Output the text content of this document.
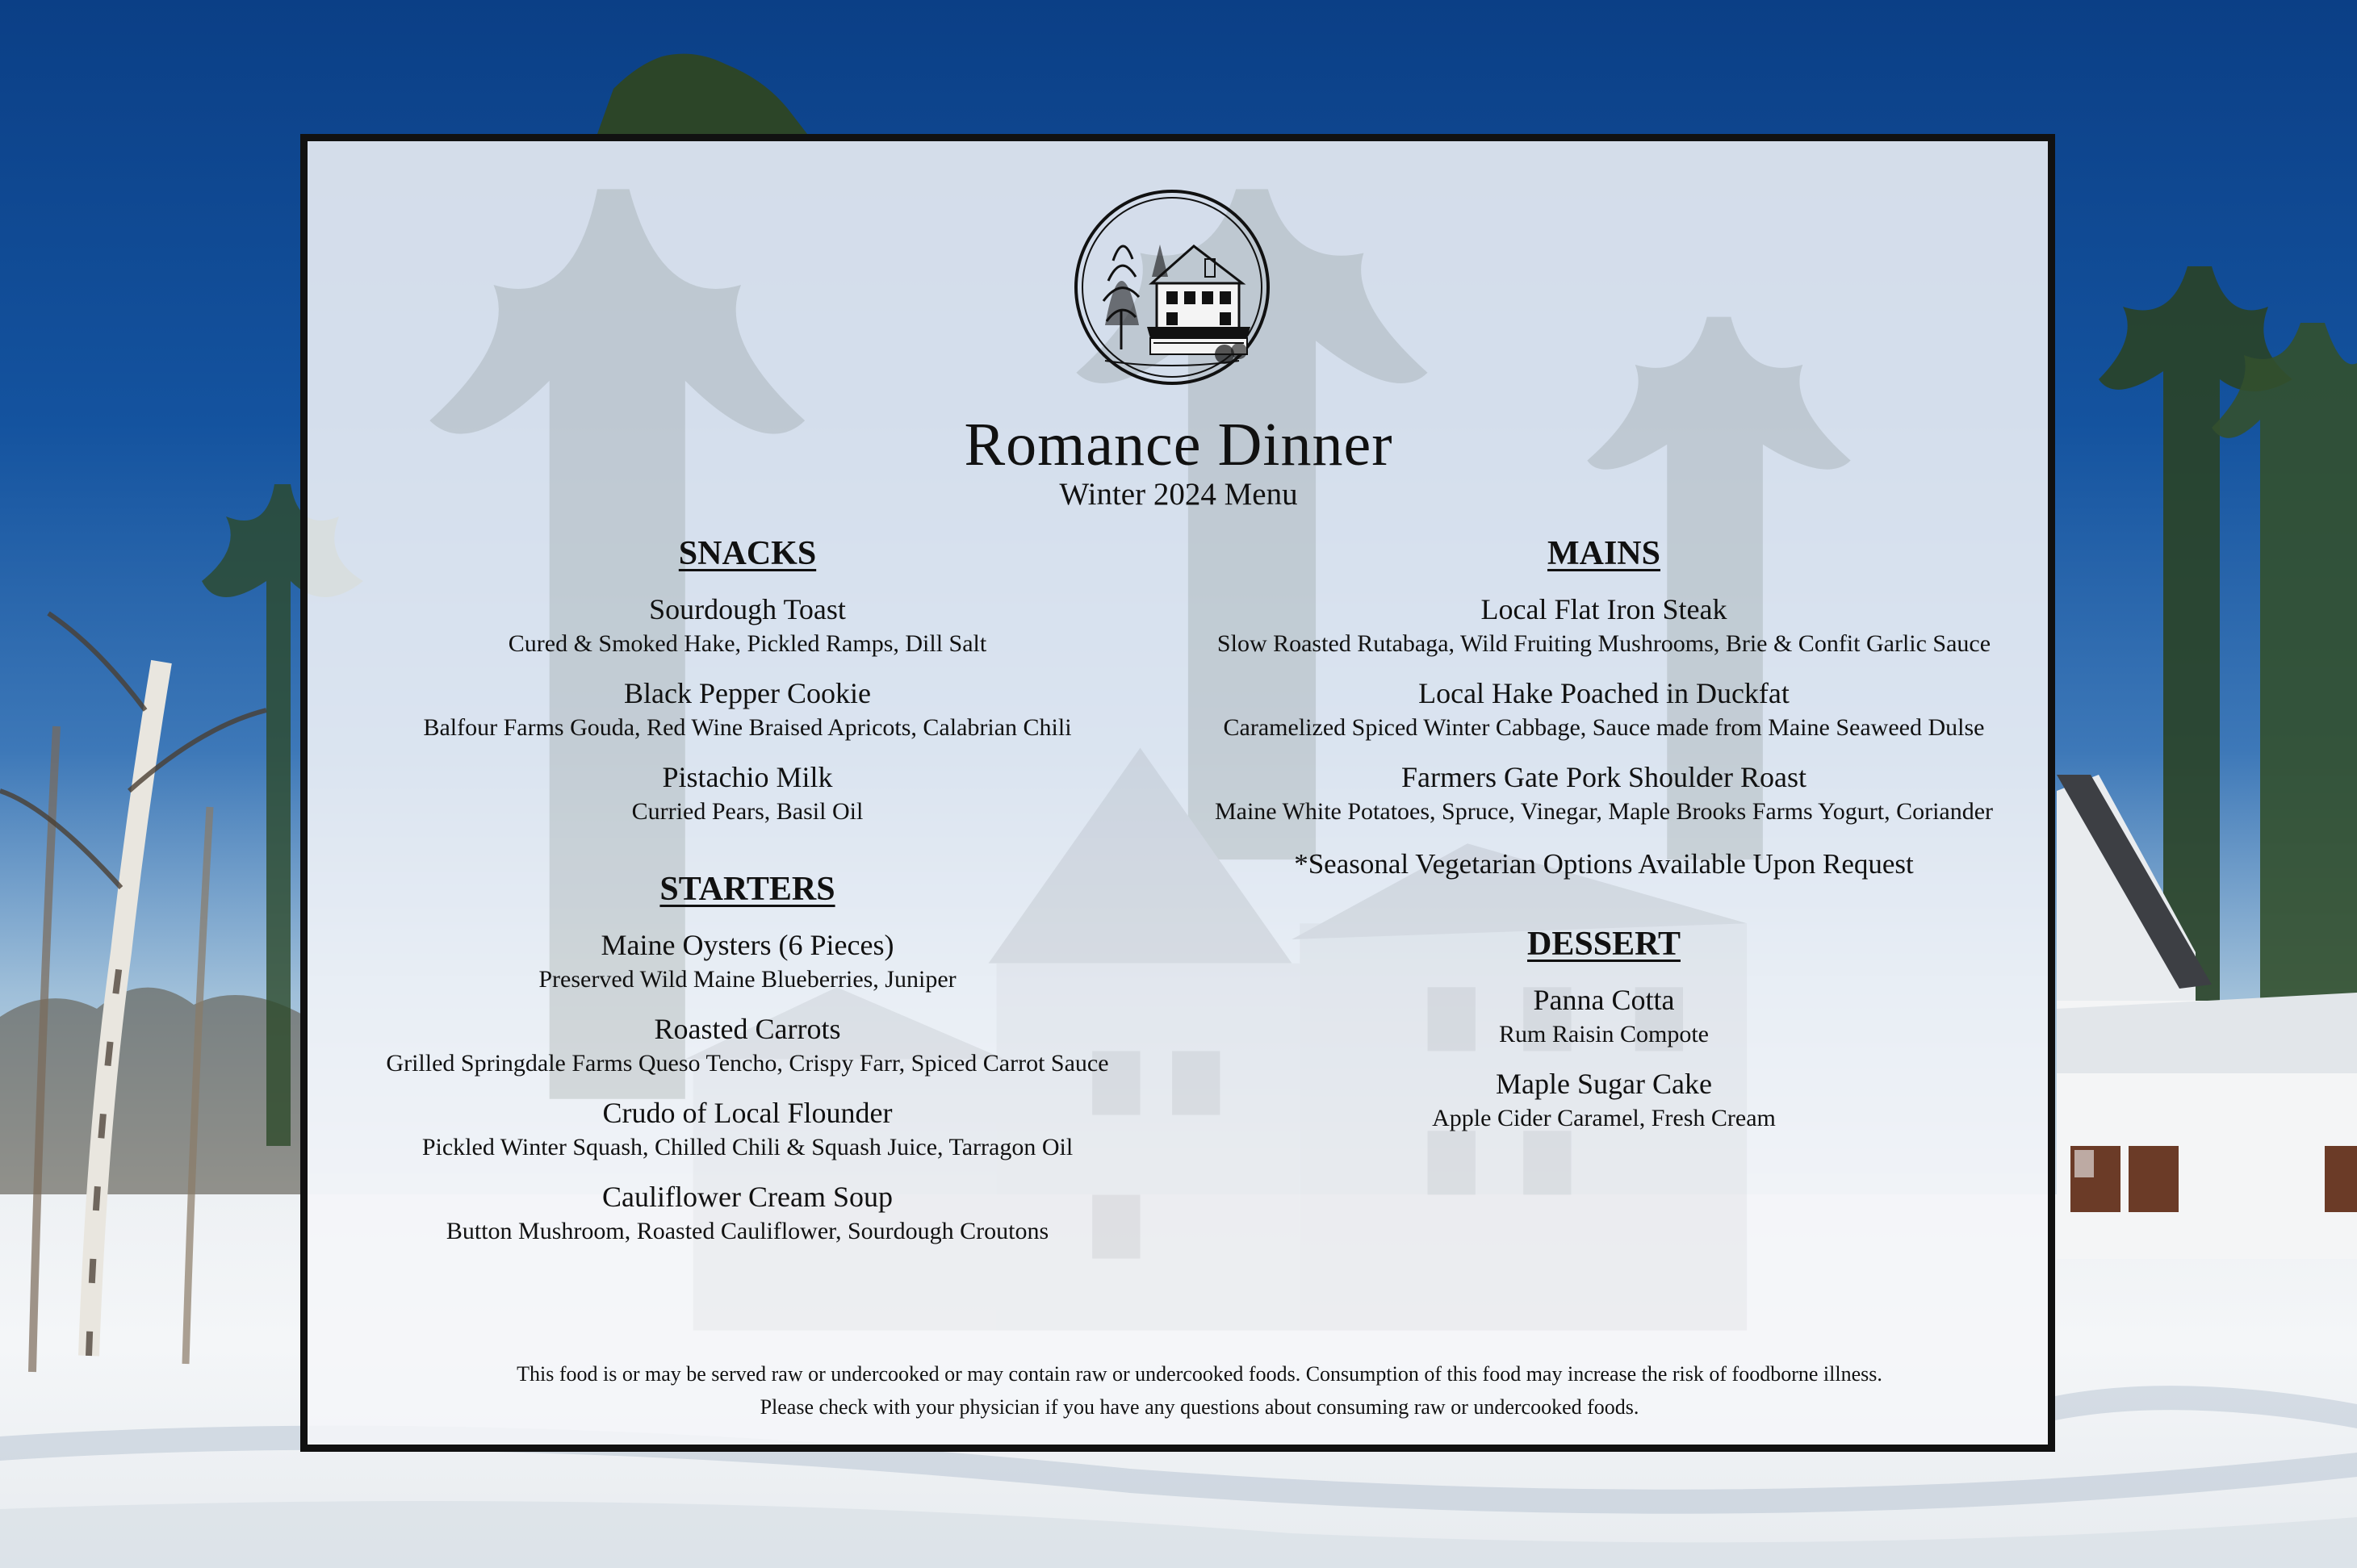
Romance Dinner
Winter 2024 Menu
SNACKS
Sourdough Toast
Cured & Smoked Hake, Pickled Ramps, Dill Salt
Black Pepper Cookie
Balfour Farms Gouda, Red Wine Braised Apricots, Calabrian Chili
Pistachio Milk
Curried Pears, Basil Oil
STARTERS
Maine Oysters (6 Pieces)
Preserved Wild Maine Blueberries, Juniper
Roasted Carrots
Grilled Springdale Farms Queso Tencho, Crispy Farr, Spiced Carrot Sauce
Crudo of Local Flounder
Pickled Winter Squash, Chilled Chili & Squash Juice, Tarragon Oil
Cauliflower Cream Soup
Button Mushroom, Roasted Cauliflower, Sourdough Croutons
MAINS
Local Flat Iron Steak
Slow Roasted Rutabaga, Wild Fruiting Mushrooms, Brie & Confit Garlic Sauce
Local Hake Poached in Duckfat
Caramelized Spiced Winter Cabbage, Sauce made from Maine Seaweed Dulse
Farmers Gate Pork Shoulder Roast
Maine White Potatoes, Spruce, Vinegar, Maple Brooks Farms Yogurt, Coriander
*Seasonal Vegetarian Options Available Upon Request
DESSERT
Panna Cotta
Rum Raisin Compote
Maple Sugar Cake
Apple Cider Caramel, Fresh Cream
This food is or may be served raw or undercooked or may contain raw or undercooked foods. Consumption of this food may increase the risk of foodborne illness.
Please check with your physician if you have any questions about consuming raw or undercooked foods.
